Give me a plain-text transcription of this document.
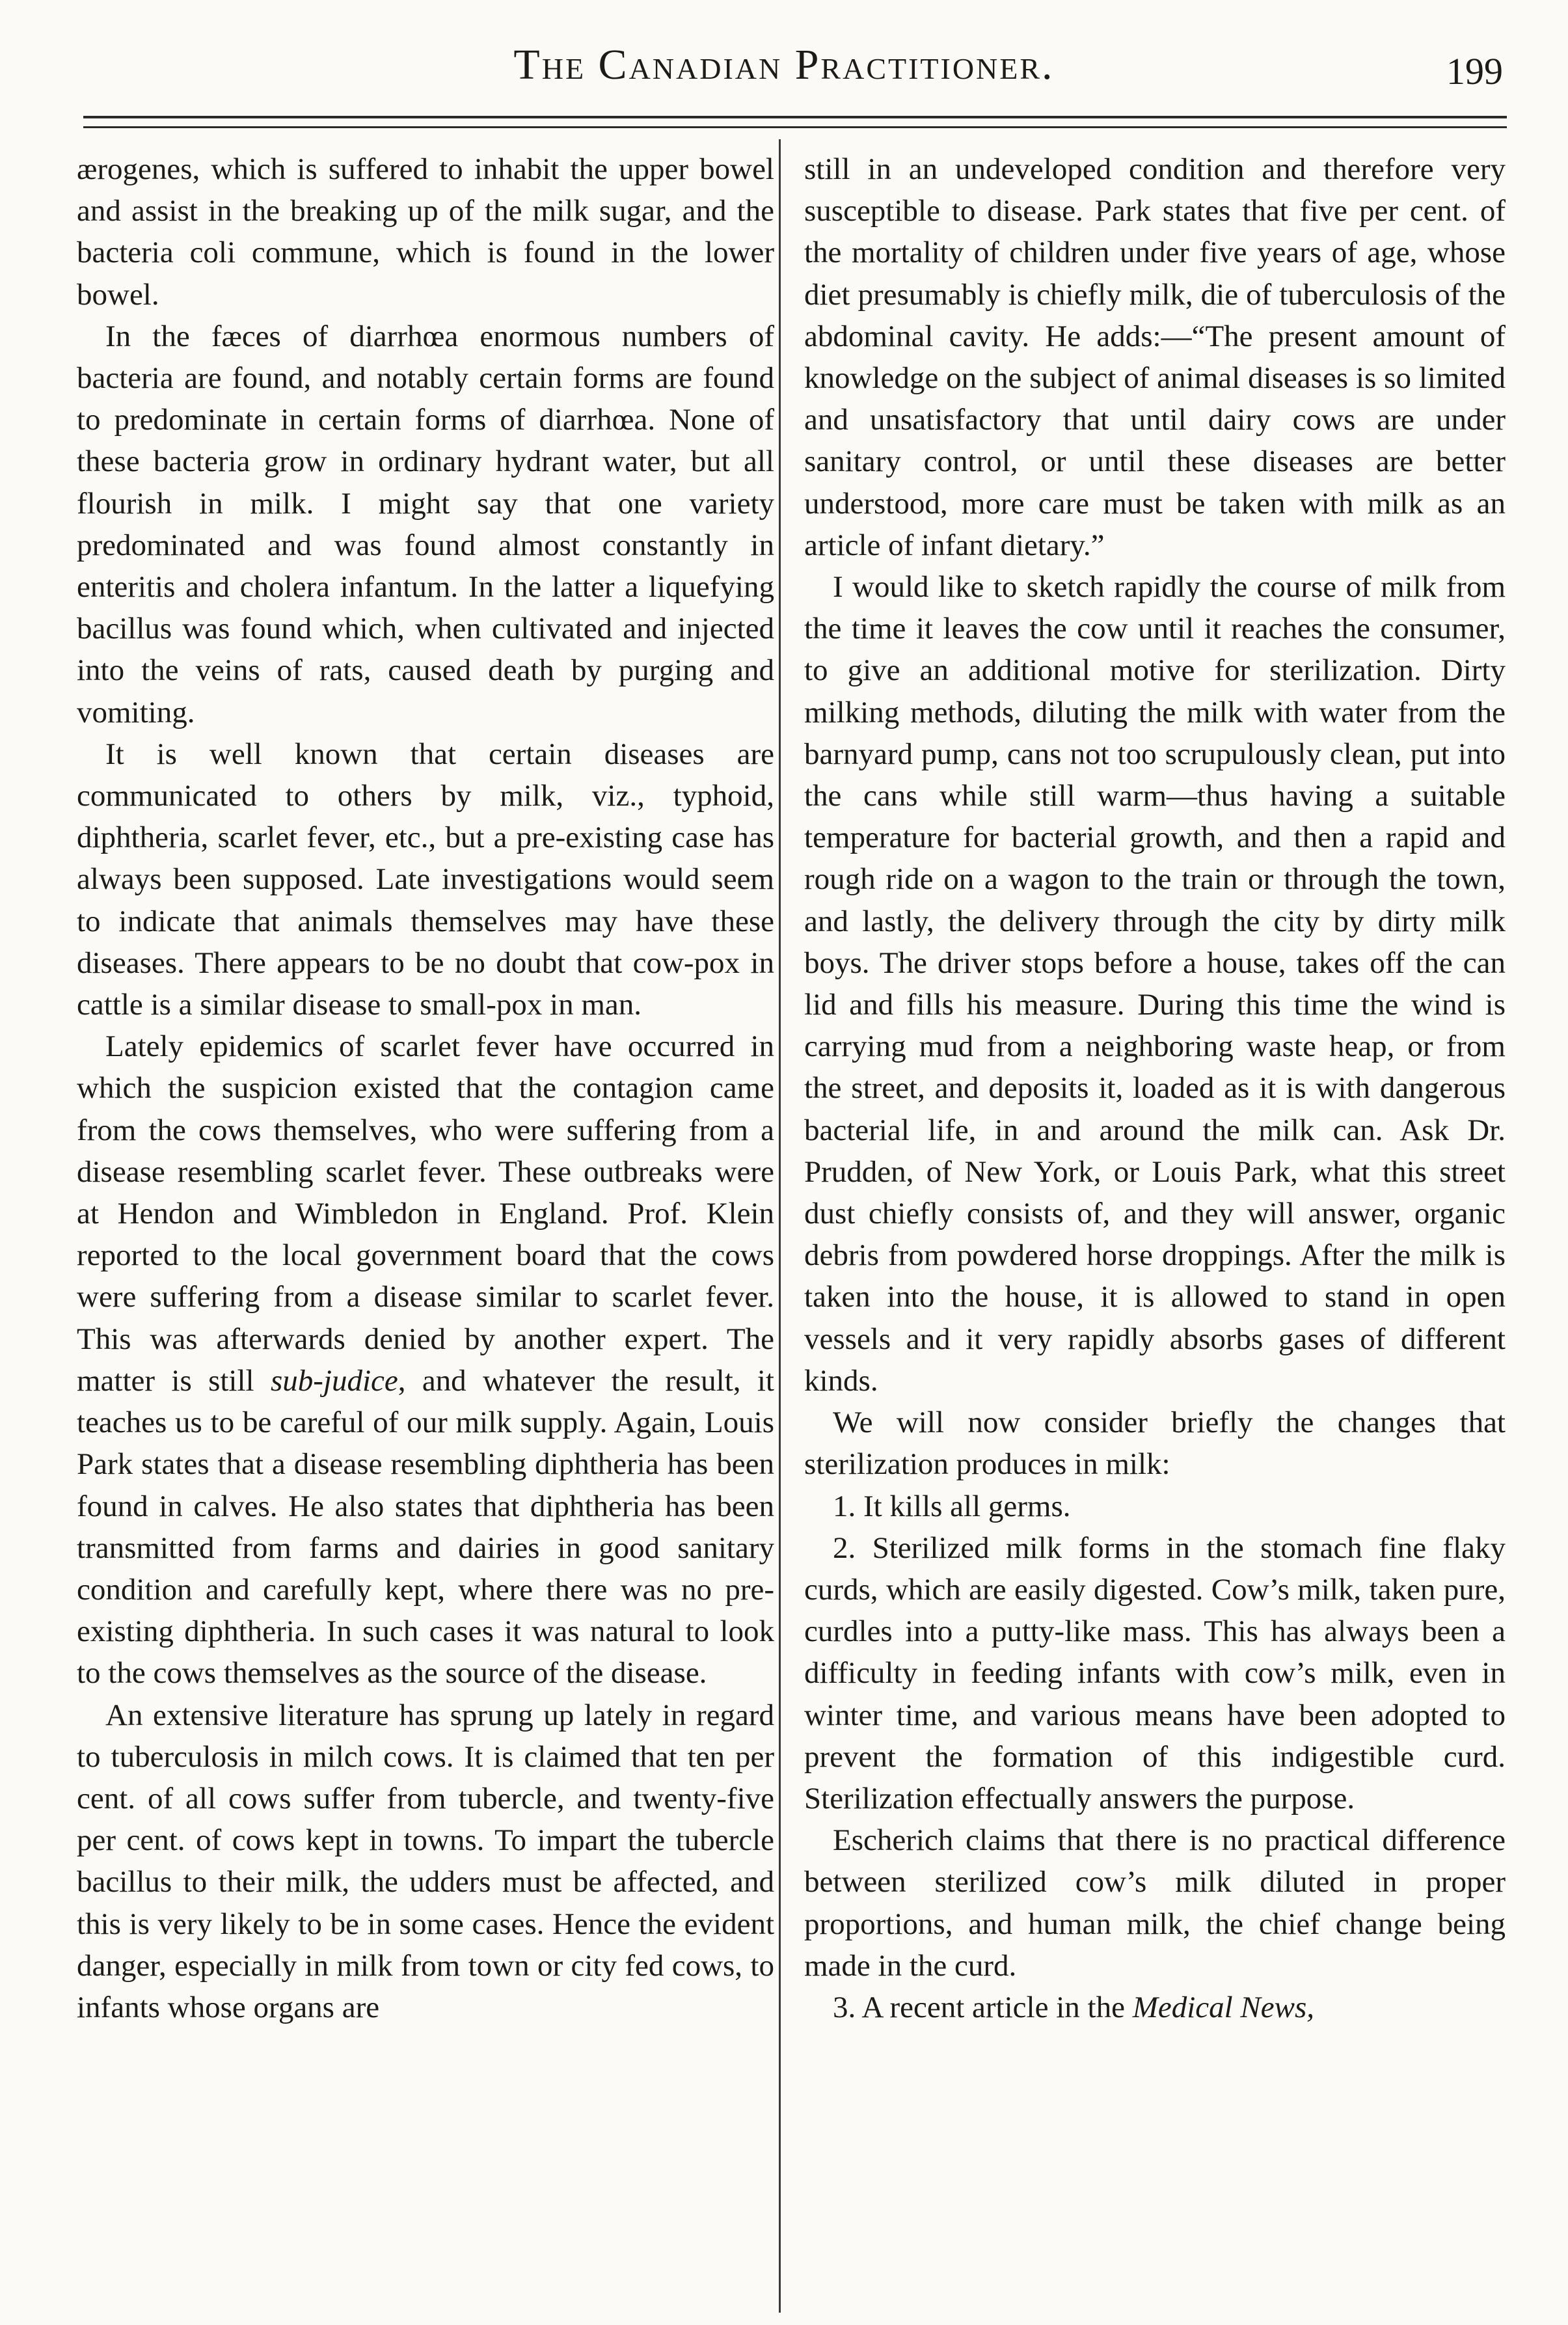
The Canadian Practitioner.	199

ærogenes, which is suffered to inhabit the upper bowel and assist in the breaking up of the milk sugar, and the bacteria coli commune, which is found in the lower bowel.

In the fæces of diarrhœa enormous numbers of bacteria are found, and notably certain forms are found to predominate in certain forms of diarrhœa. None of these bacteria grow in ordinary hydrant water, but all flourish in milk. I might say that one variety predominated and was found almost constantly in enteritis and cholera infantum. In the latter a liquefying bacillus was found which, when cultivated and injected into the veins of rats, caused death by purging and vomiting.

It is well known that certain diseases are communicated to others by milk, viz., typhoid, diphtheria, scarlet fever, etc., but a pre-existing case has always been supposed. Late investigations would seem to indicate that animals themselves may have these diseases. There appears to be no doubt that cow-pox in cattle is a similar disease to small-pox in man.

Lately epidemics of scarlet fever have occurred in which the suspicion existed that the contagion came from the cows themselves, who were suffering from a disease resembling scarlet fever. These outbreaks were at Hendon and Wimbledon in England. Prof. Klein reported to the local government board that the cows were suffering from a disease similar to scarlet fever. This was afterwards denied by another expert. The matter is still sub-judice, and whatever the result, it teaches us to be careful of our milk supply. Again, Louis Park states that a disease resembling diphtheria has been found in calves. He also states that diphtheria has been transmitted from farms and dairies in good sanitary condition and carefully kept, where there was no pre-existing diphtheria. In such cases it was natural to look to the cows themselves as the source of the disease.

An extensive literature has sprung up lately in regard to tuberculosis in milch cows. It is claimed that ten per cent. of all cows suffer from tubercle, and twenty-five per cent. of cows kept in towns. To impart the tubercle bacillus to their milk, the udders must be affected, and this is very likely to be in some cases. Hence the evident danger, especially in milk from town or city fed cows, to infants whose organs are

still in an undeveloped condition and therefore very susceptible to disease. Park states that five per cent. of the mortality of children under five years of age, whose diet presumably is chiefly milk, die of tuberculosis of the abdominal cavity. He adds:—“The present amount of knowledge on the subject of animal diseases is so limited and unsatisfactory that until dairy cows are under sanitary control, or until these diseases are better understood, more care must be taken with milk as an article of infant dietary.”

I would like to sketch rapidly the course of milk from the time it leaves the cow until it reaches the consumer, to give an additional motive for sterilization. Dirty milking methods, diluting the milk with water from the barnyard pump, cans not too scrupulously clean, put into the cans while still warm—thus having a suitable temperature for bacterial growth, and then a rapid and rough ride on a wagon to the train or through the town, and lastly, the delivery through the city by dirty milk boys. The driver stops before a house, takes off the can lid and fills his measure. During this time the wind is carrying mud from a neighboring waste heap, or from the street, and deposits it, loaded as it is with dangerous bacterial life, in and around the milk can. Ask Dr. Prudden, of New York, or Louis Park, what this street dust chiefly consists of, and they will answer, organic debris from powdered horse droppings. After the milk is taken into the house, it is allowed to stand in open vessels and it very rapidly absorbs gases of different kinds.

We will now consider briefly the changes that sterilization produces in milk:

1. It kills all germs.

2. Sterilized milk forms in the stomach fine flaky curds, which are easily digested. Cow’s milk, taken pure, curdles into a putty-like mass. This has always been a difficulty in feeding infants with cow’s milk, even in winter time, and various means have been adopted to prevent the formation of this indigestible curd. Sterilization effectually answers the purpose.

Escherich claims that there is no practical difference between sterilized cow’s milk diluted in proper proportions, and human milk, the chief change being made in the curd.

3. A recent article in the Medical News,
